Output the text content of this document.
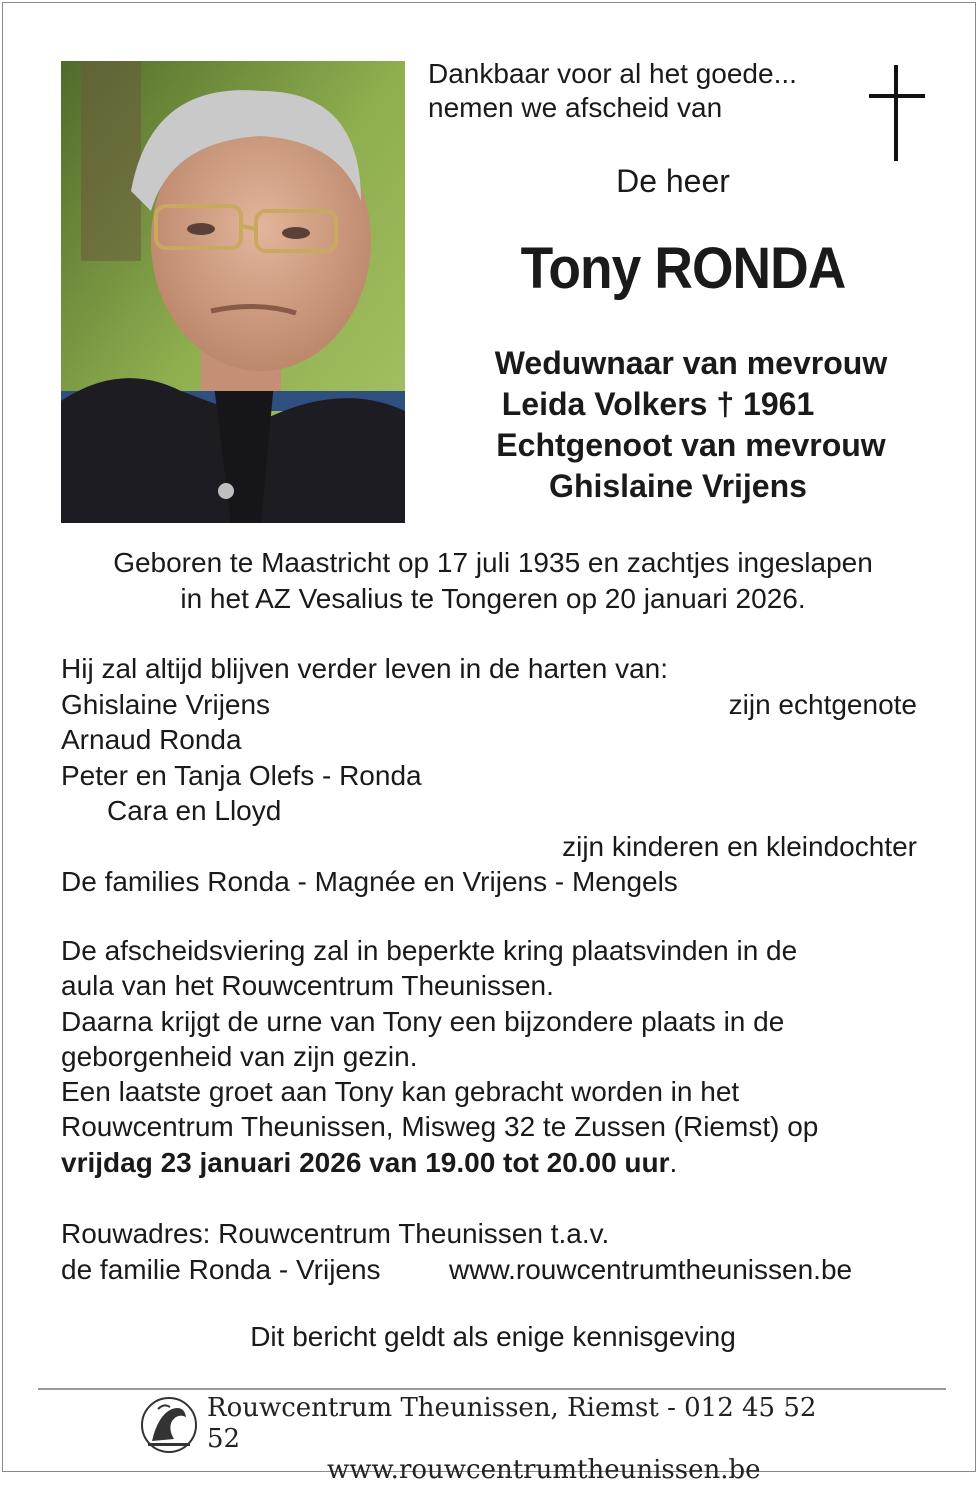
Dankbaar voor al het goede...
nemen we afscheid van
De heer
Tony RONDA
Weduwnaar van mevrouw
Leida Volkers † 1961
Echtgenoot van mevrouw
Ghislaine Vrijens
Geboren te Maastricht op 17 juli 1935 en zachtjes ingeslapen
in het AZ Vesalius te Tongeren op 20 januari 2026.
Hij zal altijd blijven verder leven in de harten van:
Ghislaine Vrijens	zijn echtgenote
Arnaud Ronda
Peter en Tanja Olefs - Ronda
Cara en Lloyd
zijn kinderen en kleindochter
De families Ronda - Magnée en Vrijens - Mengels
De afscheidsviering zal in beperkte kring plaatsvinden in de
aula van het Rouwcentrum Theunissen.
Daarna krijgt de urne van Tony een bijzondere plaats in de
geborgenheid van zijn gezin.
Een laatste groet aan Tony kan gebracht worden in het
Rouwcentrum Theunissen, Misweg 32 te Zussen (Riemst) op
vrijdag 23 januari 2026 van 19.00 tot 20.00 uur.
Rouwadres: Rouwcentrum Theunissen t.a.v.
de familie Ronda - Vrijens www.rouwcentrumtheunissen.be
Dit bericht geldt als enige kennisgeving
Rouwcentrum Theunissen, Riemst - 012 45 52 52
www.rouwcentrumtheunissen.be
